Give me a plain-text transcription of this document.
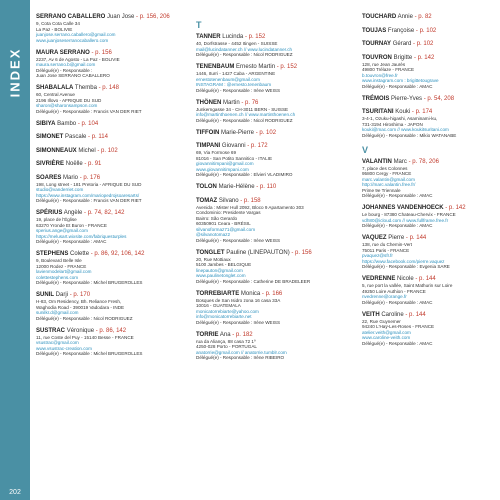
INDEX
202
SERRANO CABALLERO Juan Jose - p. 156, 206
9, Cota Cota Calle 34
La Paz - BOLIVIE
juanjose.serrano.caballero@gmail.com
www.juanjoseserranocaballero.com
MAURA SERRANO - p. 156
2237, Av 6 de Agosto - La Paz - BOLIVIE
maura.serrano.b@gmail.com
Délégué(e) - Responsable :
Juan Jose SERRANO CABALLERO
SHABALALA Themba - p. 148
60, Central Avenue
2196 Illovo - AFRIQUE DU SUD
sharon@sharonsampson.com
Délégué(e) - Responsable : Francis VAN DER RIET
SIBIYA Bambo - p. 104
SIMONET Pascale - p. 114
SIMONNEAUX Michel - p. 102
SIVRIÈRE Noëlle - p. 91
SOARES Mario - p. 176
198, Long street - 181 Pretoria - AFRIQUE DU SUD
studio@vanderriet.com
https://www.instagram.com/mariopedrojsoaresarts/
Délégué(e) - Responsable : Francis VAN DER RIET
SPÉRIUS Angèle - p. 74, 82, 142
19, place de l'Église
63270 Yronde Et Buron - FRANCE
sperius.ange@gmail.com
https://melusart.wixsite.com/fabriquesturples
Délégué(e) - Responsable : AMAC
STEPHENS Colette - p. 86, 92, 106, 142
9, Boulevard Belle Isle
12000 Rodez - FRANCE
lavienmodelart@gmail.com
colettestephens.com
Délégué(e) - Responsable : Michel BRUGEROLLES
SUNIL Darji - p. 170
H-83, Om Residency, Bh. Reliance Fresh,
Waghodia Road - 390019 Vadodara - INDE
sunilkr.d@gmail.com
Délégué(e) - Responsable : Nicol RODRIGUEZ
SUSTRAC Véronique - p. 86, 142
11, rue Coste del Puy - 15140 Besse - FRANCE
vsustrac@gmail.com
www.vsustrac-creation.com
Délégué(e) - Responsable : Michel BRUGEROLLES
T
TANNER Lucinda - p. 152
40, Dorfstrasse - 4452 Itingen - SUISSE
mail@lucindatanner.ch // www.lucindatanner.ch
Délégué(e) - Responsable : Nicol RODRIGUEZ
TENENBAUM Ernesto Martin - p. 152
1446, Iturri - 1427 Caba - ARGENTINE
ernestotenenbaum@gmail.com
INSTAGRAM : @ernesto.tenenbaum
Délégué(e) - Responsable : Irène WEISS
THÖNEN Martin - p. 76
Junkerngasse 34 - CH-3011 BERN - SUISSE
info@martinthoenen.ch // www.martinthoenen.ch
Délégué(e) - Responsable : Nicol RODRIGUEZ
TIFFOIN Marie-Pierre - p. 102
TIMPANI Giovanni - p. 172
69, Via Formose 69
81016 - San Potito Sannitico - ITALIE
giovannitimpani@gmail.com
www.giovannitimpani.com
Délégué(e) - Responsable : Elvieri VLADIMIRO
TOLON Marie-Hélène - p. 110
TOMAZ Silvano - p. 158
Avenida : Mister Hull 2092, Bloco 9 Apartamento 303
Condominio: Presidente Vargas
Bairro: São Gerardo
60350901 Ceara - BRÉSIL
silvanoformaz71@gmail.com
@silvanotomaz2
Délégué(e) - Responsable : Irène WEISS
TONGLET Pauline (LINEPAUTON) - p. 156
20, Rue Mottiaux
5100 Jambes - BELGIQUE
linepauton@gmail.com
www.paulinetonglet.com
Délégué(e) - Responsable : Catherine DE BRADELEER
TORREBIARTE Monica - p. 166
Bosques de San Isidro zona 16 casa 33A
10016 - GUATEMALA
monicatorrebiarte@yahoo.com
info@monicatorrebiarte.net
Délégué(e) - Responsable : Irène WEISS
TORRIE Ana - p. 182
rua da Aliança, 88 casa 72 1º
4250-028 Porto - PORTUGAL
anatorrie@gmail.com // anatorrie.tumblr.com
Délégué(e) - Responsable : Irène RIBEIRO
TOUCHARD Annie - p. 82
TOUJAS Françoise - p. 102
TOURNAY Gérard - p. 102
TOUVRON Brigitte - p. 142
128, rue Jean Jaurès
49800 Trélaze - FRANCE
b.touvron@free.fr
www.instagram.com : brigittetougrave
Délégué(e) - Responsable : AMAC
TRÉMOIS Pierre-Yves - p. 54, 208
TSURITANI Kouki - p. 174
3-4-1, Ozuku-higashi, Asaminami-ku,
731-3194 Hiroshima - JAPON
kouki@mac.com // www.koukitsuritani.com
Délégué(e) - Responsable : Mikio WATANABE
V
VALANTIN Marc - p. 78, 206
7, place des Colonnes
95800 Cergy - FRANCE
marc.valantin@gmail.com
http://marc.valantin.free.fr/
Prime 9e Triennale
Délégué(e) - Responsable : AMAC
JOHANNES VANDENHOECK - p. 142
Le bourg - 87380 Chateau-Chervix - FRANCE
vdh80@icloud.com // www.fullframe.free.fr
Délégué(e) - Responsable : AMAC
VAQUEZ Pierre - p. 144
138, rue du Chemin-Vert
75011 Paris - FRANCE
pvaquez@sfr.fr
https://www.facebook.com/pierre.vaquez
Délégué(e) - Responsable : Evgenia SARE
VEDRENNE Nicole - p. 144
5, rue port la vallée, Saint Mathurin sur Loire
49250 Loire Authion - FRANCE
nvedrenne@orange.fr
Délégué(e) - Responsable : AMAC
VEITH Caroline - p. 144
22, Rue Guynemer
94240 L'Haÿ-Les-Roses - FRANCE
atelier.veith@gmail.com
www.caroline-veith.com
Délégué(e) - Responsable : AMAC
